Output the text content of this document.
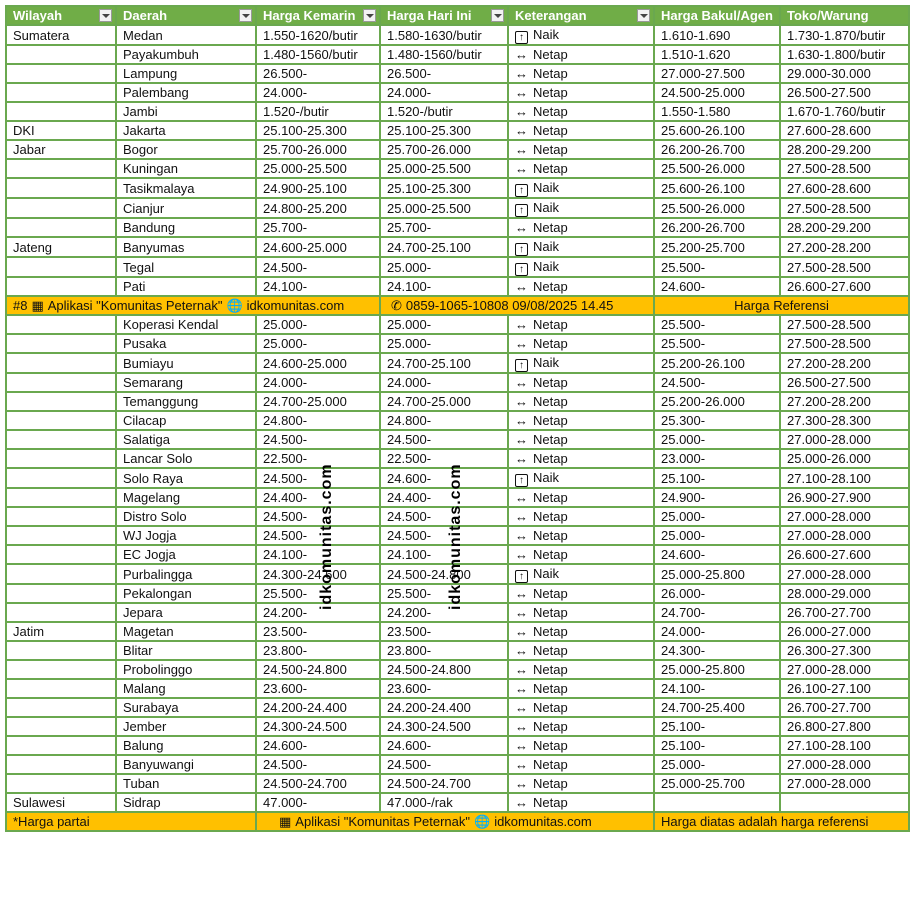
Wilayah	Daerah	Harga Kemarin	Harga Hari Ini	Keterangan	Harga Bakul/Agen	Toko/Warung
Sumatera	Medan	1.550-1620/butir	1.580-1630/butir	↑ Naik	1.610-1.690	1.730-1.870/butir
	Payakumbuh	1.480-1560/butir	1.480-1560/butir	↔ Netap	1.510-1.620	1.630-1.800/butir
	Lampung	26.500-	26.500-	↔ Netap	27.000-27.500	29.000-30.000
	Palembang	24.000-	24.000-	↔ Netap	24.500-25.000	26.500-27.500
	Jambi	1.520-/butir	1.520-/butir	↔ Netap	1.550-1.580	1.670-1.760/butir
DKI	Jakarta	25.100-25.300	25.100-25.300	↔ Netap	25.600-26.100	27.600-28.600
Jabar	Bogor	25.700-26.000	25.700-26.000	↔ Netap	26.200-26.700	28.200-29.200
	Kuningan	25.000-25.500	25.000-25.500	↔ Netap	25.500-26.000	27.500-28.500
	Tasikmalaya	24.900-25.100	25.100-25.300	↑ Naik	25.600-26.100	27.600-28.600
	Cianjur	24.800-25.200	25.000-25.500	↑ Naik	25.500-26.000	27.500-28.500
	Bandung	25.700-	25.700-	↔ Netap	26.200-26.700	28.200-29.200
Jateng	Banyumas	24.600-25.000	24.700-25.100	↑ Naik	25.200-25.700	27.200-28.200
	Tegal	24.500-	25.000-	↑ Naik	25.500-	27.500-28.500
	Pati	24.100-	24.100-	↔ Netap	24.600-	26.600-27.600
#8 ▦ Aplikasi "Komunitas Peternak" 🌐 idkomunitas.com			✆ 0859-1065-10808 09/08/2025 14.45		Harga Referensi	
	Koperasi Kendal	25.000-	25.000-	↔ Netap	25.500-	27.500-28.500
	Pusaka	25.000-	25.000-	↔ Netap	25.500-	27.500-28.500
	Bumiayu	24.600-25.000	24.700-25.100	↑ Naik	25.200-26.100	27.200-28.200
	Semarang	24.000-	24.000-	↔ Netap	24.500-	26.500-27.500
	Temanggung	24.700-25.000	24.700-25.000	↔ Netap	25.200-26.000	27.200-28.200
	Cilacap	24.800-	24.800-	↔ Netap	25.300-	27.300-28.300
	Salatiga	24.500-	24.500-	↔ Netap	25.000-	27.000-28.000
	Lancar Solo	22.500-	22.500-	↔ Netap	23.000-	25.000-26.000
	Solo Raya	24.500-	24.600-	↑ Naik	25.100-	27.100-28.100
	Magelang	24.400-	24.400-	↔ Netap	24.900-	26.900-27.900
	Distro Solo	24.500-	24.500-	↔ Netap	25.000-	27.000-28.000
	WJ Jogja	24.500-	24.500-	↔ Netap	25.000-	27.000-28.000
	EC Jogja	24.100-	24.100-	↔ Netap	24.600-	26.600-27.600
	Purbalingga	24.300-24.600	24.500-24.800	↑ Naik	25.000-25.800	27.000-28.000
	Pekalongan	25.500-	25.500-	↔ Netap	26.000-	28.000-29.000
	Jepara	24.200-	24.200-	↔ Netap	24.700-	26.700-27.700
Jatim	Magetan	23.500-	23.500-	↔ Netap	24.000-	26.000-27.000
	Blitar	23.800-	23.800-	↔ Netap	24.300-	26.300-27.300
	Probolinggo	24.500-24.800	24.500-24.800	↔ Netap	25.000-25.800	27.000-28.000
	Malang	23.600-	23.600-	↔ Netap	24.100-	26.100-27.100
	Surabaya	24.200-24.400	24.200-24.400	↔ Netap	24.700-25.400	26.700-27.700
	Jember	24.300-24.500	24.300-24.500	↔ Netap	25.100-	26.800-27.800
	Balung	24.600-	24.600-	↔ Netap	25.100-	27.100-28.100
	Banyuwangi	24.500-	24.500-	↔ Netap	25.000-	27.000-28.000
	Tuban	24.500-24.700	24.500-24.700	↔ Netap	25.000-25.700	27.000-28.000
Sulawesi	Sidrap	47.000-	47.000-/rak	↔ Netap		
*Harga partai		▦ Aplikasi "Komunitas Peternak" 🌐 idkomunitas.com			Harga diatas adalah harga referensi	
idkomunitas.com	idkomunitas.com
